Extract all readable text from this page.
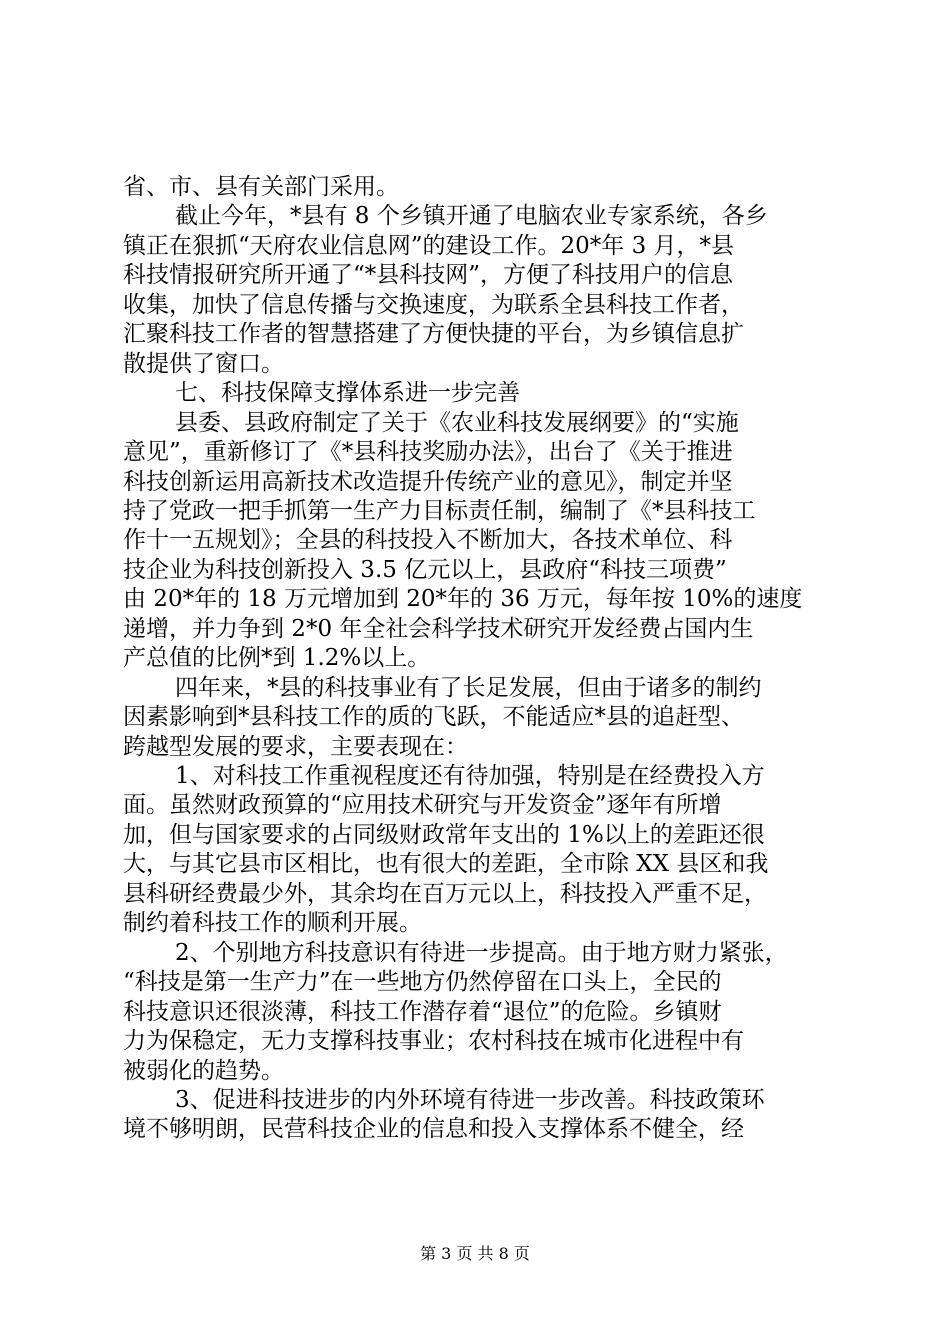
省、市、县有关部门采用。
截止今年，*县有 8 个乡镇开通了电脑农业专家系统，各乡
镇正在狠抓“天府农业信息网”的建设工作。20*年 3 月，*县
科技情报研究所开通了“*县科技网”，方便了科技用户的信息
收集，加快了信息传播与交换速度，为联系全县科技工作者，
汇聚科技工作者的智慧搭建了方便快捷的平台，为乡镇信息扩
散提供了窗口。
七、科技保障支撑体系进一步完善
县委、县政府制定了关于《农业科技发展纲要》的“实施
意见”，重新修订了《*县科技奖励办法》，出台了《关于推进
科技创新运用高新技术改造提升传统产业的意见》，制定并坚
持了党政一把手抓第一生产力目标责任制，编制了《*县科技工
作十一五规划》；全县的科技投入不断加大，各技术单位、科
技企业为科技创新投入 3.5 亿元以上，县政府“科技三项费”
由 20*年的 18 万元增加到 20*年的 36 万元，每年按 10%的速度
递增，并力争到 2*0 年全社会科学技术研究开发经费占国内生
产总值的比例*到 1.2%以上。
四年来，*县的科技事业有了长足发展，但由于诸多的制约
因素影响到*县科技工作的质的飞跃，不能适应*县的追赶型、
跨越型发展的要求，主要表现在：
1、对科技工作重视程度还有待加强，特别是在经费投入方
面。虽然财政预算的“应用技术研究与开发资金”逐年有所增
加，但与国家要求的占同级财政常年支出的 1%以上的差距还很
大，与其它县市区相比，也有很大的差距，全市除 XX 县区和我
县科研经费最少外，其余均在百万元以上，科技投入严重不足，
制约着科技工作的顺利开展。
2、个别地方科技意识有待进一步提高。由于地方财力紧张，
“科技是第一生产力”在一些地方仍然停留在口头上，全民的
科技意识还很淡薄，科技工作潜存着“退位”的危险。乡镇财
力为保稳定，无力支撑科技事业；农村科技在城市化进程中有
被弱化的趋势。
3、促进科技进步的内外环境有待进一步改善。科技政策环
境不够明朗，民营科技企业的信息和投入支撑体系不健全，经
第 3 页 共 8 页
